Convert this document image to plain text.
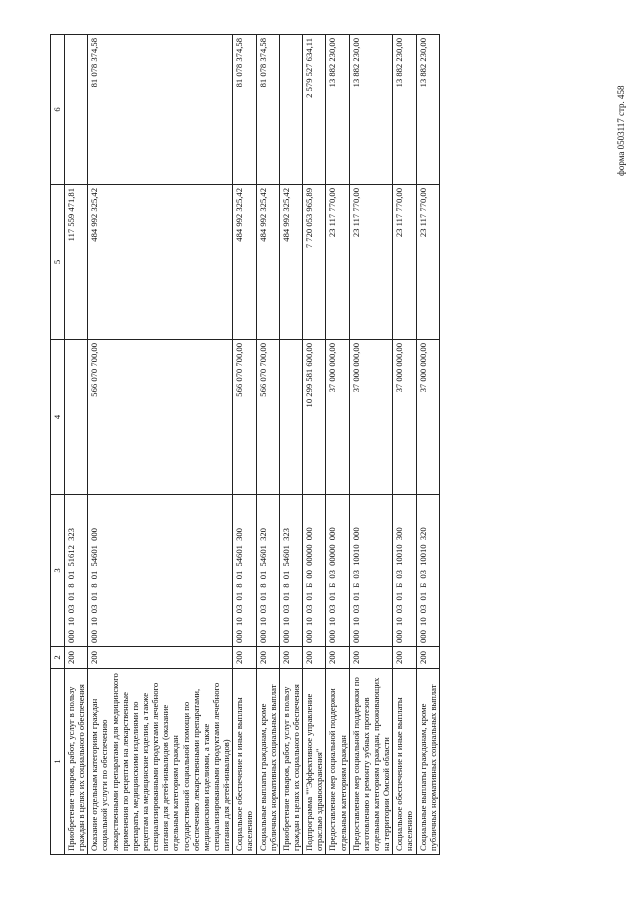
форма 0503117 стр. 458
1	2	3	4	5	6
Приобретение товаров, работ, услуг в пользу граждан в целях их социального обеспечения	200	000 10 03 01 8 01 51612 323		117 559 471,81	
Оказание отдельным категориям граждан социальной услуги по обеспечению лекарственными препаратами для медицинского применения по рецептам на лекарственные препараты, медицинскими изделиями по рецептам на медицинские изделия, а также специализированными продуктами лечебного питания для детей-инвалидов (оказание отдельным категориям граждан государственной социальной помощи по обеспечению лекарственными препаратами, медицинскими изделиями, а также специализированными продуктами лечебного питания для детей-инвалидов)	200	000 10 03 01 8 01 54601 000	566 070 700,00	484 992 325,42	81 078 374,58
Социальное обеспечение и иные выплаты населению	200	000 10 03 01 8 01 54601 300	566 070 700,00	484 992 325,42	81 078 374,58
Социальные выплаты гражданам, кроме публичных нормативных социальных выплат	200	000 10 03 01 8 01 54601 320	566 070 700,00	484 992 325,42	81 078 374,58
Приобретение товаров, работ, услуг в пользу граждан в целях их социального обеспечения	200	000 10 03 01 8 01 54601 323		484 992 325,42	
Подпрограмма ""Эффективное управление отраслью здравоохранения"	200	000 10 03 01 Б 00 00000 000	10 299 581 600,00	7 720 053 965,89	2 579 527 634,11
Предоставление мер социальной поддержки отдельным категориям граждан	200	000 10 03 01 Б 03 00000 000	37 000 000,00	23 117 770,00	13 882 230,00
Предоставление мер социальной поддержки по изготовлению и ремонту зубных протезов отдельным категориям граждан, проживающих на территории Омской области	200	000 10 03 01 Б 03 10010 000	37 000 000,00	23 117 770,00	13 882 230,00
Социальное обеспечение и иные выплаты населению	200	000 10 03 01 Б 03 10010 300	37 000 000,00	23 117 770,00	13 882 230,00
Социальные выплаты гражданам, кроме публичных нормативных социальных выплат	200	000 10 03 01 Б 03 10010 320	37 000 000,00	23 117 770,00	13 882 230,00
